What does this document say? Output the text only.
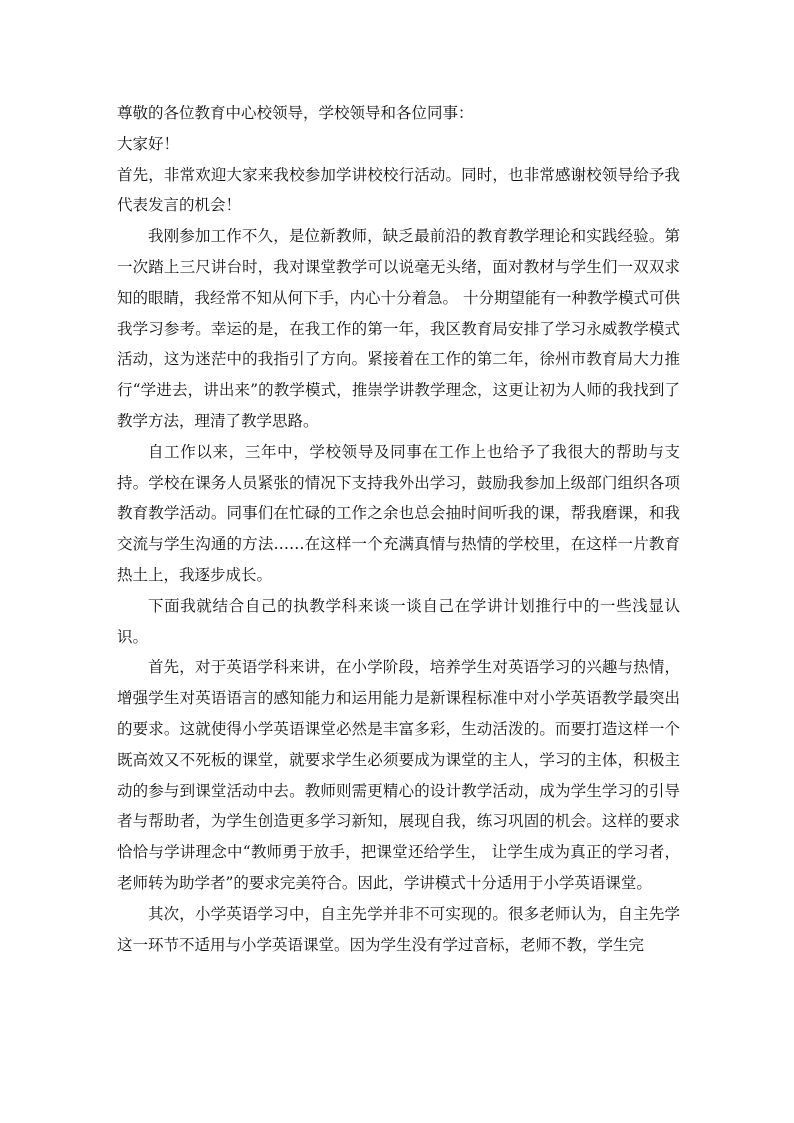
尊敬的各位教育中心校领导，学校领导和各位同事：

大家好！

首先，非常欢迎大家来我校参加学讲校校行活动。同时，也非常感谢校领导给予我代表发言的机会！

我刚参加工作不久，是位新教师，缺乏最前沿的教育教学理论和实践经验。第一次踏上三尺讲台时，我对课堂教学可以说毫无头绪，面对教材与学生们一双双求知的眼睛，我经常不知从何下手，内心十分着急。 十分期望能有一种教学模式可供我学习参考。幸运的是，在我工作的第一年，我区教育局安排了学习永威教学模式活动，这为迷茫中的我指引了方向。紧接着在工作的第二年，徐州市教育局大力推行“学进去，讲出来”的教学模式，推崇学讲教学理念，这更让初为人师的我找到了教学方法，理清了教学思路。

自工作以来，三年中，学校领导及同事在工作上也给予了我很大的帮助与支持。学校在课务人员紧张的情况下支持我外出学习，鼓励我参加上级部门组织各项教育教学活动。同事们在忙碌的工作之余也总会抽时间听我的课，帮我磨课，和我交流与学生沟通的方法……在这样一个充满真情与热情的学校里，在这样一片教育热土上，我逐步成长。

下面我就结合自己的执教学科来谈一谈自己在学讲计划推行中的一些浅显认识。

首先，对于英语学科来讲，在小学阶段，培养学生对英语学习的兴趣与热情，增强学生对英语语言的感知能力和运用能力是新课程标准中对小学英语教学最突出的要求。这就使得小学英语课堂必然是丰富多彩，生动活泼的。而要打造这样一个既高效又不死板的课堂，就要求学生必须要成为课堂的主人，学习的主体，积极主动的参与到课堂活动中去。教师则需更精心的设计教学活动，成为学生学习的引导者与帮助者，为学生创造更多学习新知，展现自我，练习巩固的机会。这样的要求恰恰与学讲理念中“教师勇于放手，把课堂还给学生， 让学生成为真正的学习者，老师转为助学者”的要求完美符合。因此，学讲模式十分适用于小学英语课堂。

其次，小学英语学习中，自主先学并非不可实现的。很多老师认为，自主先学这一环节不适用与小学英语课堂。因为学生没有学过音标，老师不教，学生完
